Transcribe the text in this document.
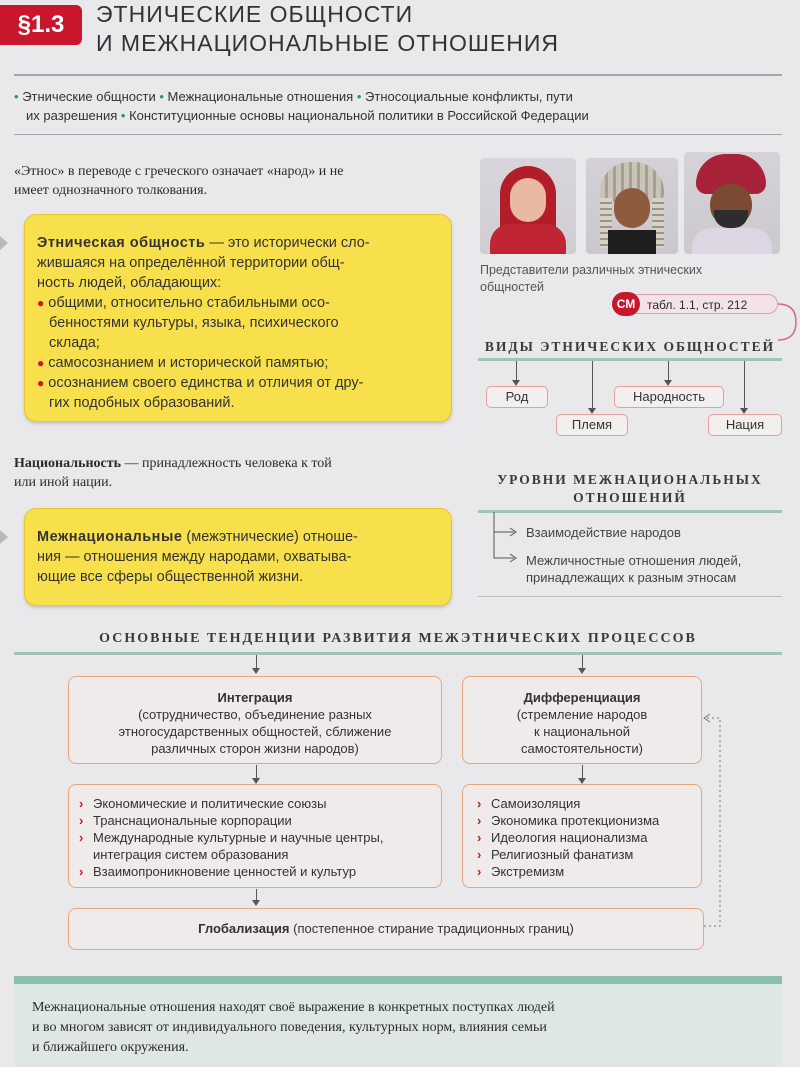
§1.3	ЭТНИЧЕСКИЕ ОБЩНОСТИ
И МЕЖНАЦИОНАЛЬНЫЕ ОТНОШЕНИЯ
• Этнические общности • Межнациональные отношения • Этносоциальные конфликты, пути
их разрешения • Конституционные основы национальной политики в Российской Федерации
«Этнос» в переводе с греческого означает «народ» и не
имеет однозначного толкования.
Этническая общность — это исторически сло-
жившаяся на определённой территории общ-
ность людей, обладающих:
● общими, относительно стабильными осо-
бенностями культуры, языка, психического
склада;
● самосознанием и исторической памятью;
● осознанием своего единства и отличия от дру-
гих подобных образований.
Национальность — принадлежность человека к той
или иной нации.
Межнациональные (межэтнические) отноше-
ния — отношения между народами, охватыва-
ющие все сферы общественной жизни.
Представители различных этнических
общностей
СМ табл. 1.1, стр. 212
ВИДЫ ЭТНИЧЕСКИХ ОБЩНОСТЕЙ
Род
Племя
Народность
Нация
УРОВНИ МЕЖНАЦИОНАЛЬНЫХ
ОТНОШЕНИЙ
Взаимодействие народов
Межличностные отношения людей,
принадлежащих к разным этносам
ОСНОВНЫЕ ТЕНДЕНЦИИ РАЗВИТИЯ МЕЖЭТНИЧЕСКИХ ПРОЦЕССОВ
Интеграция
(сотрудничество, объединение разных
этногосударственных общностей, сближение
различных сторон жизни народов)
Дифференциация
(стремление народов
к национальной
самостоятельности)
› Экономические и политические союзы
› Транснациональные корпорации
› Международные культурные и научные центры,
интеграция систем образования
› Взаимопроникновение ценностей и культур
› Самоизоляция
› Экономика протекционизма
› Идеология национализма
› Религиозный фанатизм
› Экстремизм
Глобализация (постепенное стирание традиционных границ)
Межнациональные отношения находят своё выражение в конкретных поступках людей
и во многом зависят от индивидуального поведения, культурных норм, влияния семьи
и ближайшего окружения.
